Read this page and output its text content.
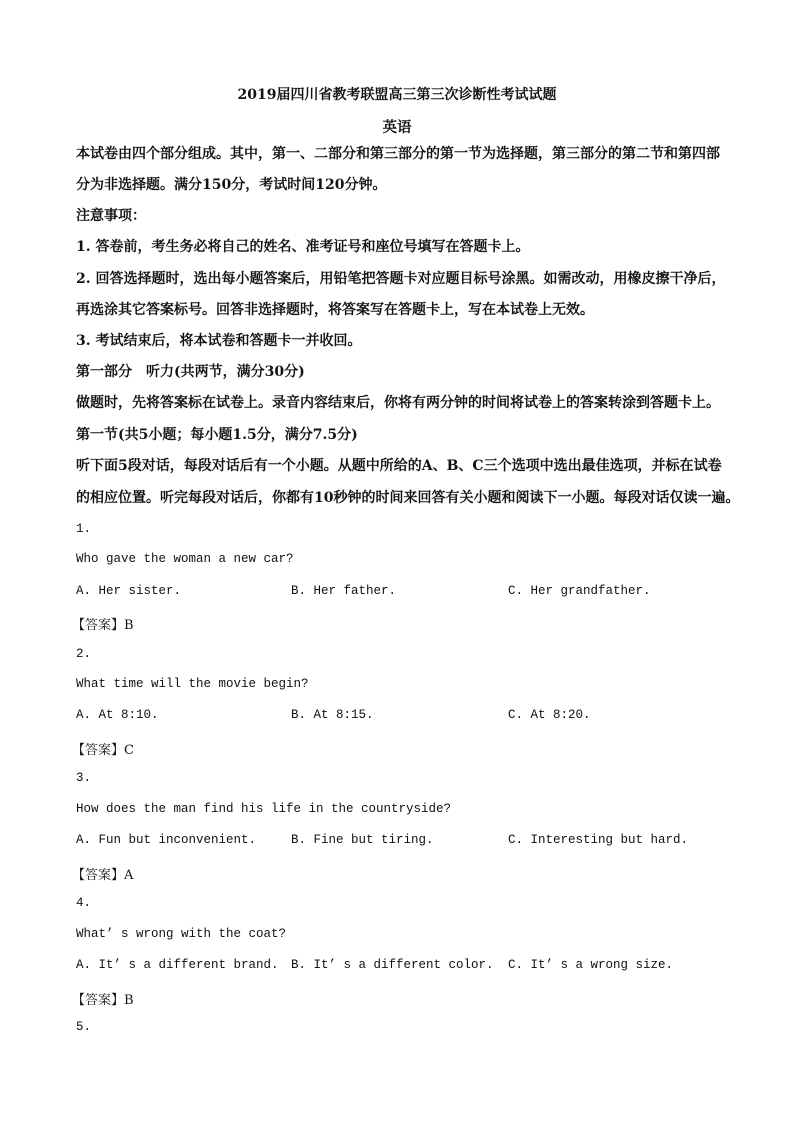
2019届四川省教考联盟高三第三次诊断性考试试题
英语
本试卷由四个部分组成。其中，第一、二部分和第三部分的第一节为选择题，第三部分的第二节和第四部
分为非选择题。满分150分，考试时间120分钟。
注意事项：
1. 答卷前，考生务必将自己的姓名、准考证号和座位号填写在答题卡上。
2. 回答选择题时，选出每小题答案后，用铅笔把答题卡对应题目标号涂黑。如需改动，用橡皮擦干净后，
再选涂其它答案标号。回答非选择题时，将答案写在答题卡上，写在本试卷上无效。
3. 考试结束后，将本试卷和答题卡一并收回。
第一部分　听力(共两节，满分30分)
做题时，先将答案标在试卷上。录音内容结束后，你将有两分钟的时间将试卷上的答案转涂到答题卡上。
第一节(共5小题；每小题1.5分，满分7.5分)
听下面5段对话，每段对话后有一个小题。从题中所给的A、B、C三个选项中选出最佳选项，并标在试卷
的相应位置。听完每段对话后，你都有10秒钟的时间来回答有关小题和阅读下一小题。每段对话仅读一遍。
1.
Who gave the woman a new car?
A. Her sister.	B. Her father.	C. Her grandfather.
【答案】B
2.
What time will the movie begin?
A. At 8:10.	B. At 8:15.	C. At 8:20.
【答案】C
3.
How does the man find his life in the countryside?
A. Fun but inconvenient.	B. Fine but tiring.	C. Interesting but hard.
【答案】A
4.
What’ s wrong with the coat?
A. It’ s a different brand. B. It’ s a different color. C. It’ s a wrong size.
【答案】B
5.
